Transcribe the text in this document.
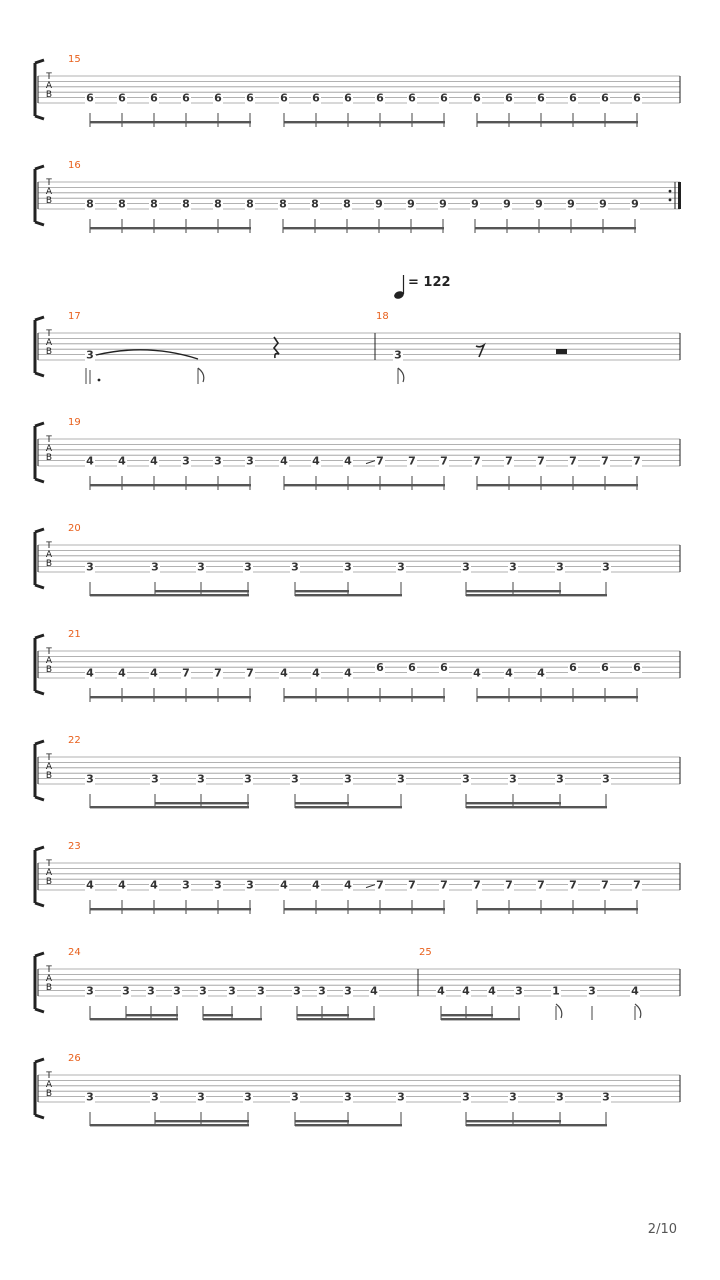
T
A
B
15
6 6 6 6 6 6 6 6 6 6 6 6 6 6 6 6 6 6
T
A
B
16
8 8 8 8 8 8 8 8 8 9 9 9 9 9 9 9 9 9
T
A
B
17
3
18
3
T
A
B
19
4 4 4 3 3 3 4 4 4 7 7 7 7 7 7 7 7 7
T
A
B
20
3	3	3	3	3	3	3	3	3	3	3
T
A
B
21
4 4 4 7 7 7 4 4 4 6 6 6 4 4 4 6 6 6
T
A
B
22
3	3	3	3	3	3	3	3	3	3	3
T
A
B
23
4 4 4 3 3 3 4 4 4 7 7 7 7 7 7 7 7 7
T
A
B
24
3	3 3 3 3 3 3	3 3 3 4
25
4 4 4 3	1	3	4
T
A
B
26
3	3	3	3	3	3	3	3	3	3	3
= 122
2/10
